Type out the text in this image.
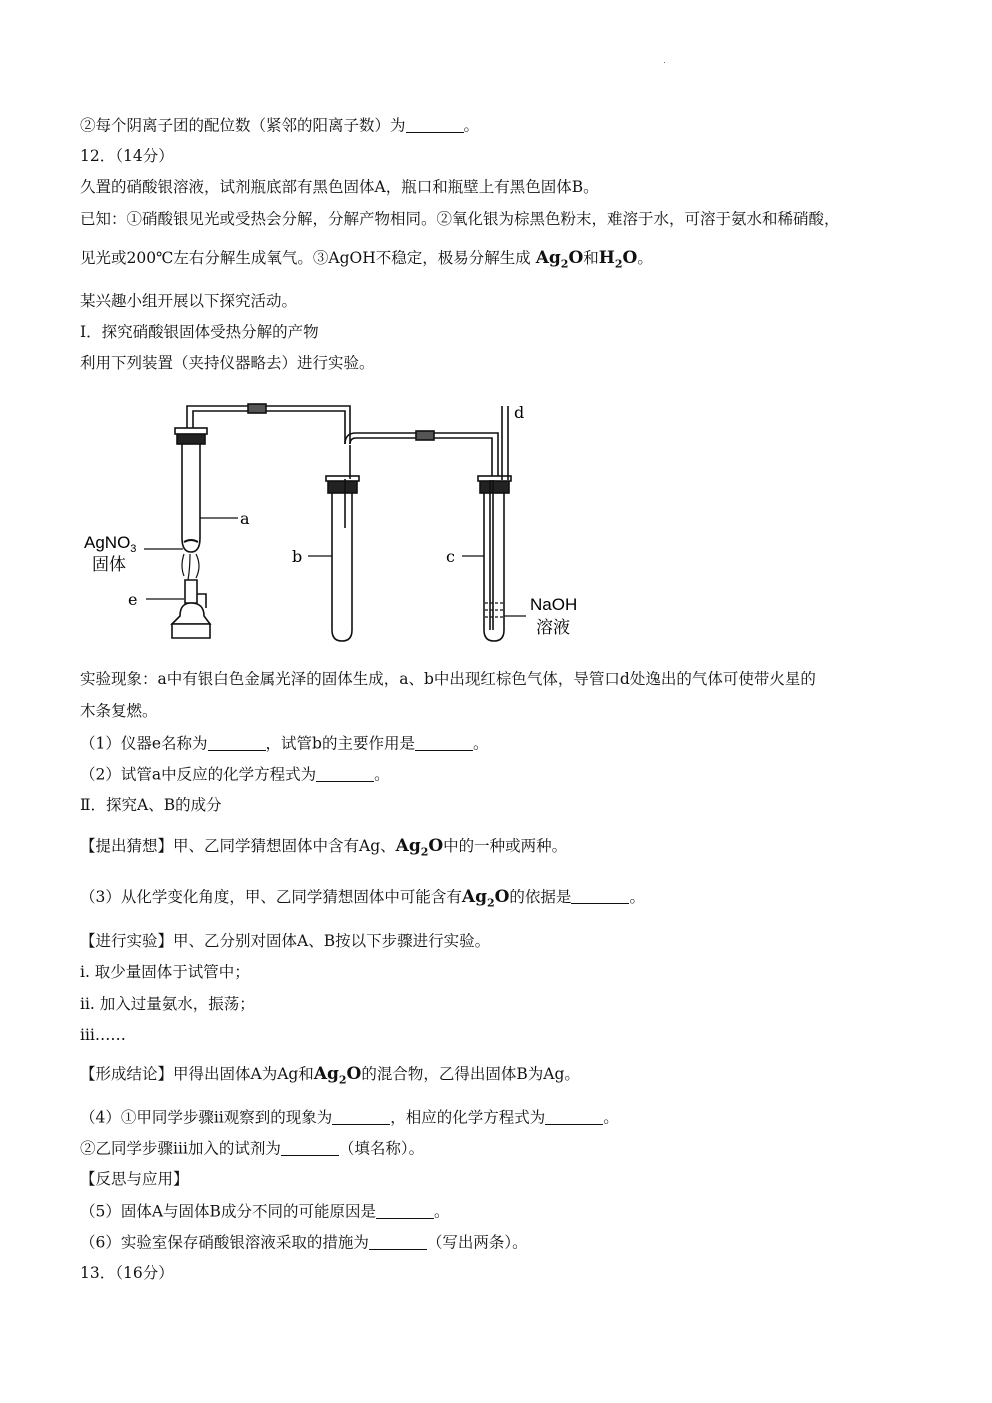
②每个阴离子团的配位数（紧邻的阳离子数）为	。
12．（14分）
久置的硝酸银溶液，试剂瓶底部有黑色固体A，瓶口和瓶壁上有黑色固体B。
已知：①硝酸银见光或受热会分解，分解产物相同。②氧化银为棕黑色粉末，难溶于水，可溶于氨水和稀硝酸，
见光或200℃左右分解生成氧气。③AgOH不稳定，极易分解生成 $Ag_2O$和$H_2O$。
某兴趣小组开展以下探究活动。
Ⅰ．探究硝酸银固体受热分解的产物
利用下列装置（夹持仪器略去）进行实验。
a
b	c
d
e
AgNO$_3$
固体
NaOH
溶液
实验现象：a中有银白色金属光泽的固体生成，a、b中出现红棕色气体，导管口d处逸出的气体可使带火星的
木条复燃。
（1）仪器e名称为	，试管b的主要作用是	。
（2）试管a中反应的化学方程式为	。
Ⅱ．探究A、B的成分
【提出猜想】甲、乙同学猜想固体中含有Ag、$Ag_2O$中的一种或两种。
（3）从化学变化角度，甲、乙同学猜想固体中可能含有$Ag_2O$的依据是	。
【进行实验】甲、乙分别对固体A、B按以下步骤进行实验。
ⅰ. 取少量固体于试管中；
ⅱ. 加入过量氨水，振荡；
ⅲ……
【形成结论】甲得出固体A为Ag和$Ag_2O$的混合物，乙得出固体B为Ag。
（4）①甲同学步骤ⅱ观察到的现象为	，相应的化学方程式为	。
②乙同学步骤ⅲ加入的试剂为	（填名称）。
【反思与应用】
（5）固体A与固体B成分不同的可能原因是	。
（6）实验室保存硝酸银溶液采取的措施为	（写出两条）。
13．（16分）
